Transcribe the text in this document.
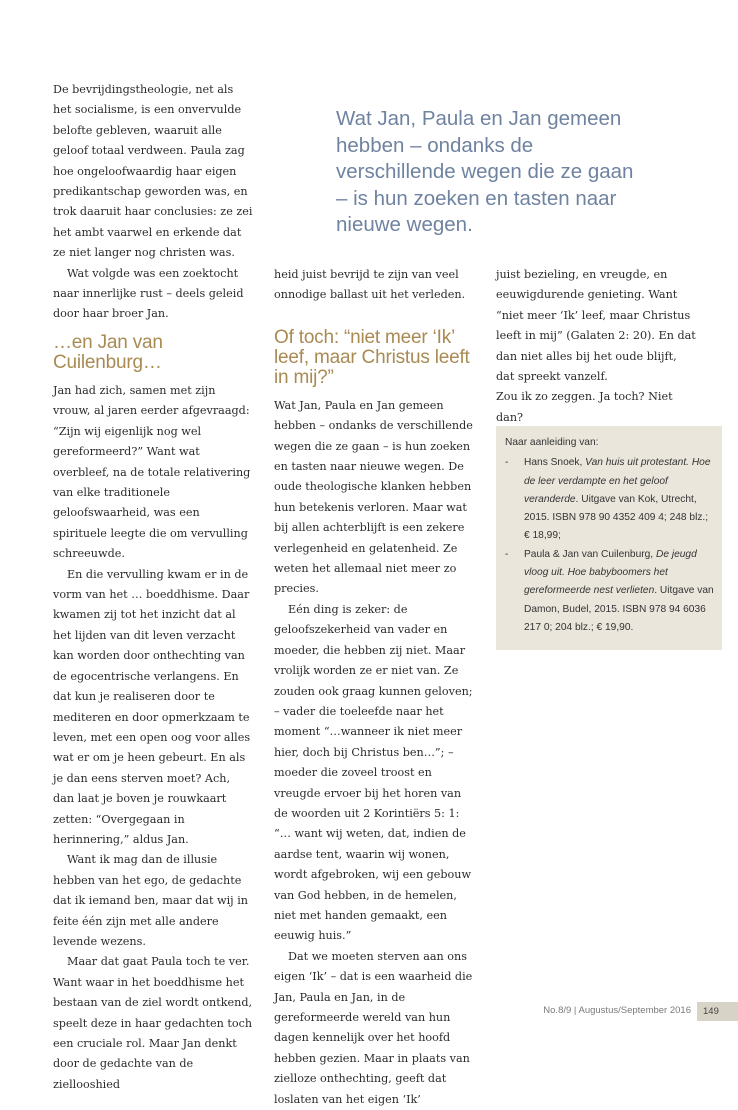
Wat Jan, Paula en Jan gemeen hebben – ondanks de verschillende wegen die ze gaan – is hun zoeken en tasten naar nieuwe wegen.

De bevrijdingstheologie, net als het socialisme, is een onvervulde belofte gebleven, waaruit alle geloof totaal verdween. Paula zag hoe ongeloofwaardig haar eigen predikantschap geworden was, en trok daaruit haar conclusies: ze zei het ambt vaarwel en erkende dat ze niet langer nog christen was.

Wat volgde was een zoektocht naar innerlijke rust – deels geleid door haar broer Jan.

…en Jan van Cuilenburg…

Jan had zich, samen met zijn vrouw, al jaren eerder afgevraagd: “Zijn wij eigenlijk nog wel gereformeerd?” Want wat overbleef, na de totale relativering van elke traditionele geloofswaarheid, was een spirituele leegte die om vervulling schreeuwde.

En die vervulling kwam er in de vorm van het … boeddhisme. Daar kwamen zij tot het inzicht dat al het lijden van dit leven verzacht kan worden door onthechting van de egocentrische verlangens. En dat kun je realiseren door te mediteren en door opmerkzaam te leven, met een open oog voor alles wat er om je heen gebeurt. En als je dan eens sterven moet? Ach, dan laat je boven je rouwkaart zetten: “Overgegaan in herinnering,” aldus Jan.

Want ik mag dan de illusie hebben van het ego, de gedachte dat ik iemand ben, maar dat wij in feite één zijn met alle andere levende wezens.

Maar dat gaat Paula toch te ver. Want waar in het boeddhisme het bestaan van de ziel wordt ontkend, speelt deze in haar gedachten toch een cruciale rol. Maar Jan denkt door de gedachte van de ziellooshied

heid juist bevrijd te zijn van veel onnodige ballast uit het verleden.

Of toch: “niet meer ‘Ik’ leef, maar Christus leeft in mij?”

Wat Jan, Paula en Jan gemeen hebben – ondanks de verschillende wegen die ze gaan – is hun zoeken en tasten naar nieuwe wegen. De oude theologische klanken hebben hun betekenis verloren. Maar wat bij allen achterblijft is een zekere verlegenheid en gelatenheid. Ze weten het allemaal niet meer zo precies.

Eén ding is zeker: de geloofszekerheid van vader en moeder, die hebben zij niet. Maar vrolijk worden ze er niet van. Ze zouden ook graag kunnen geloven; – vader die toeleefde naar het moment “…wanneer ik niet meer hier, doch bij Christus ben…”; – moeder die zoveel troost en vreugde ervoer bij het horen van de woorden uit 2 Korintiërs 5: 1: “… want wij weten, dat, indien de aardse tent, waarin wij wonen, wordt afgebroken, wij een gebouw van God hebben, in de hemelen, niet met handen gemaakt, een eeuwig huis.”

Dat we moeten sterven aan ons eigen ‘Ik’ – dat is een waarheid die Jan, Paula en Jan, in de gereformeerde wereld van hun dagen kennelijk over het hoofd hebben gezien. Maar in plaats van zielloze onthechting, geeft dat loslaten van het eigen ‘Ik’

juist bezieling, en vreugde, en eeuwigdurende genieting. Want “niet meer ‘Ik’ leef, maar Christus leeft in mij” (Galaten 2: 20). En dat dan niet alles bij het oude blijft, dat spreekt vanzelf.

Zou ik zo zeggen. Ja toch? Niet dan?

Naar aanleiding van:

- Hans Snoek, Van huis uit protestant. Hoe de leer verdampte en het geloof veranderde. Uitgave van Kok, Utrecht, 2015. ISBN 978 90 4352 409 4; 248 blz.; € 18,99;

- Paula & Jan van Cuilenburg, De jeugd vloog uit. Hoe babyboomers het gereformeerde nest verlieten. Uitgave van Damon, Budel, 2015. ISBN 978 94 6036 217 0; 204 blz.; € 19,90.

No.8/9 | Augustus/September 2016	149
